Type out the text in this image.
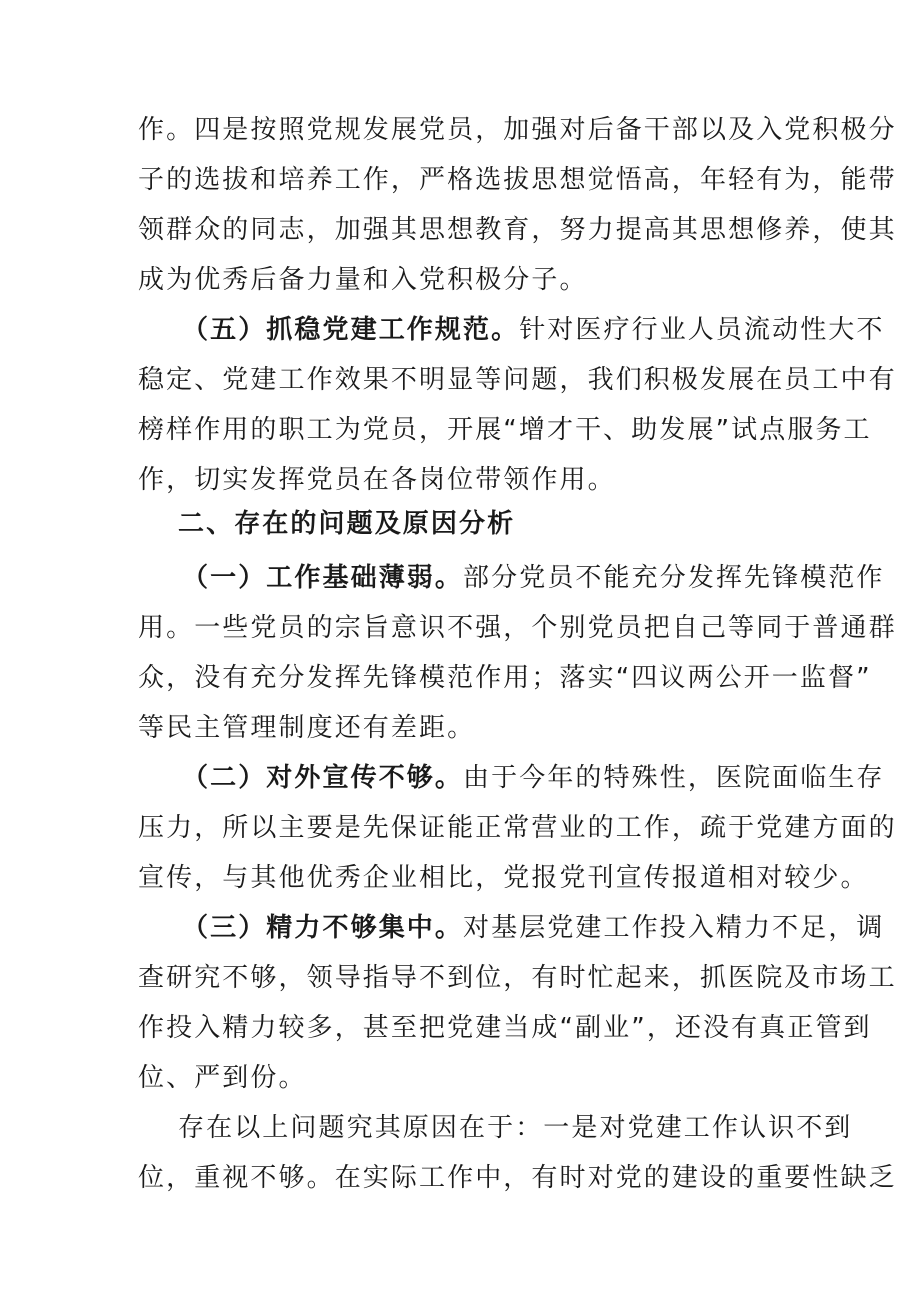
作。四是按照党规发展党员，加强对后备干部以及入党积极分
子的选拔和培养工作，严格选拔思想觉悟高，年轻有为，能带
领群众的同志，加强其思想教育，努力提高其思想修养，使其
成为优秀后备力量和入党积极分子。
（五）抓稳党建工作规范。针对医疗行业人员流动性大不
稳定、党建工作效果不明显等问题，我们积极发展在员工中有
榜样作用的职工为党员，开展“增才干、助发展”试点服务工
作，切实发挥党员在各岗位带领作用。
二、存在的问题及原因分析
（一）工作基础薄弱。部分党员不能充分发挥先锋模范作
用。一些党员的宗旨意识不强，个别党员把自己等同于普通群
众，没有充分发挥先锋模范作用；落实“四议两公开一监督”
等民主管理制度还有差距。
（二）对外宣传不够。由于今年的特殊性，医院面临生存
压力，所以主要是先保证能正常营业的工作，疏于党建方面的
宣传，与其他优秀企业相比，党报党刊宣传报道相对较少。
（三）精力不够集中。对基层党建工作投入精力不足，调
查研究不够，领导指导不到位，有时忙起来，抓医院及市场工
作投入精力较多，甚至把党建当成“副业”，还没有真正管到
位、严到份。
存在以上问题究其原因在于：一是对党建工作认识不到
位，重视不够。在实际工作中，有时对党的建设的重要性缺乏
